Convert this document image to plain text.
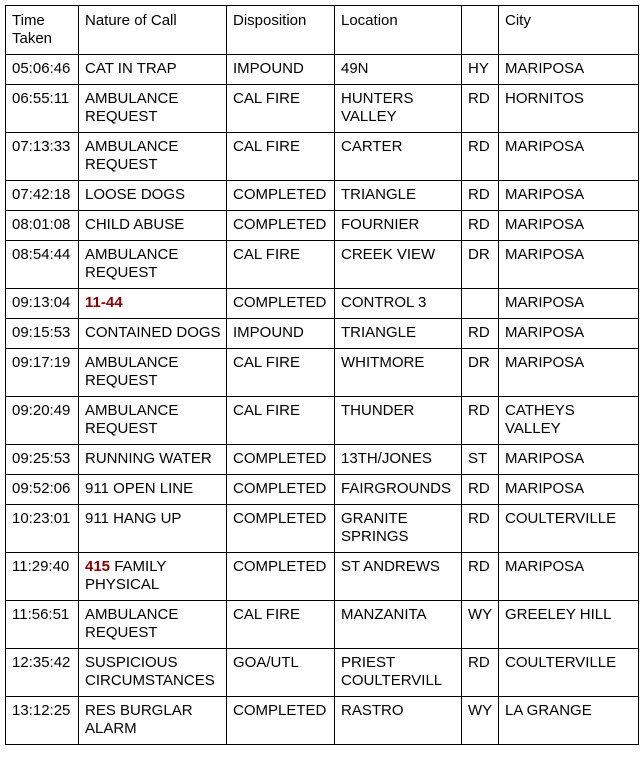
Time Taken	Nature of Call	Disposition	Location		City
05:06:46	CAT IN TRAP	IMPOUND	49N	HY	MARIPOSA
06:55:11	AMBULANCE REQUEST	CAL FIRE	HUNTERS VALLEY	RD	HORNITOS
07:13:33	AMBULANCE REQUEST	CAL FIRE	CARTER	RD	MARIPOSA
07:42:18	LOOSE DOGS	COMPLETED	TRIANGLE	RD	MARIPOSA
08:01:08	CHILD ABUSE	COMPLETED	FOURNIER	RD	MARIPOSA
08:54:44	AMBULANCE REQUEST	CAL FIRE	CREEK VIEW	DR	MARIPOSA
09:13:04	11-44	COMPLETED	CONTROL 3		MARIPOSA
09:15:53	CONTAINED DOGS	IMPOUND	TRIANGLE	RD	MARIPOSA
09:17:19	AMBULANCE REQUEST	CAL FIRE	WHITMORE	DR	MARIPOSA
09:20:49	AMBULANCE REQUEST	CAL FIRE	THUNDER	RD	CATHEYS VALLEY
09:25:53	RUNNING WATER	COMPLETED	13TH/JONES	ST	MARIPOSA
09:52:06	911 OPEN LINE	COMPLETED	FAIRGROUNDS	RD	MARIPOSA
10:23:01	911 HANG UP	COMPLETED	GRANITE SPRINGS	RD	COULTERVILLE
11:29:40	415 FAMILY PHYSICAL	COMPLETED	ST ANDREWS	RD	MARIPOSA
11:56:51	AMBULANCE REQUEST	CAL FIRE	MANZANITA	WY	GREELEY HILL
12:35:42	SUSPICIOUS CIRCUMSTANCES	GOA/UTL	PRIEST COULTERVILL	RD	COULTERVILLE
13:12:25	RES BURGLAR ALARM	COMPLETED	RASTRO	WY	LA GRANGE
